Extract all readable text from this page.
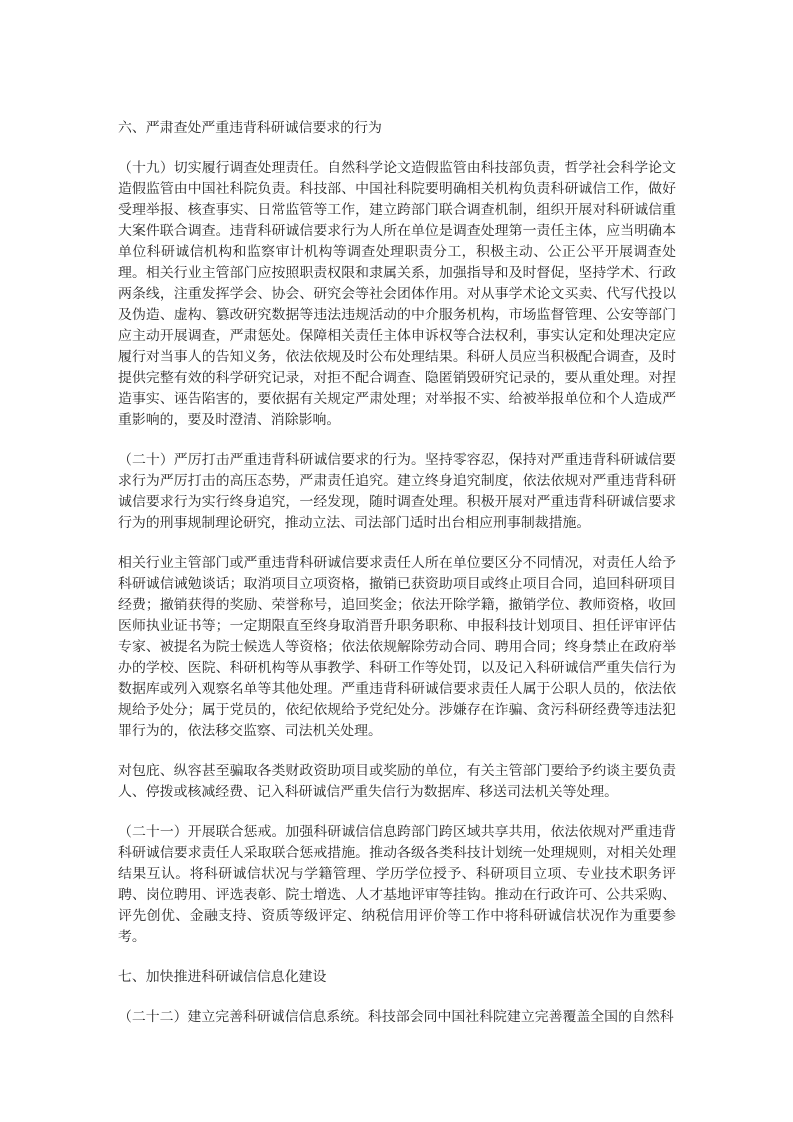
六、严肃查处严重违背科研诚信要求的行为
（十九）切实履行调查处理责任。自然科学论文造假监管由科技部负责，哲学社会科学论文造假监管由中国社科院负责。科技部、中国社科院要明确相关机构负责科研诚信工作，做好受理举报、核查事实、日常监管等工作，建立跨部门联合调查机制，组织开展对科研诚信重大案件联合调查。违背科研诚信要求行为人所在单位是调查处理第一责任主体，应当明确本单位科研诚信机构和监察审计机构等调查处理职责分工，积极主动、公正公平开展调查处理。相关行业主管部门应按照职责权限和隶属关系，加强指导和及时督促，坚持学术、行政两条线，注重发挥学会、协会、研究会等社会团体作用。对从事学术论文买卖、代写代投以及伪造、虚构、篡改研究数据等违法违规活动的中介服务机构，市场监督管理、公安等部门应主动开展调查，严肃惩处。保障相关责任主体申诉权等合法权利，事实认定和处理决定应履行对当事人的告知义务，依法依规及时公布处理结果。科研人员应当积极配合调查，及时提供完整有效的科学研究记录，对拒不配合调查、隐匿销毁研究记录的，要从重处理。对捏造事实、诬告陷害的，要依据有关规定严肃处理；对举报不实、给被举报单位和个人造成严重影响的，要及时澄清、消除影响。
（二十）严厉打击严重违背科研诚信要求的行为。坚持零容忍，保持对严重违背科研诚信要求行为严厉打击的高压态势，严肃责任追究。建立终身追究制度，依法依规对严重违背科研诚信要求行为实行终身追究，一经发现，随时调查处理。积极开展对严重违背科研诚信要求行为的刑事规制理论研究，推动立法、司法部门适时出台相应刑事制裁措施。
相关行业主管部门或严重违背科研诚信要求责任人所在单位要区分不同情况，对责任人给予科研诚信诫勉谈话；取消项目立项资格，撤销已获资助项目或终止项目合同，追回科研项目经费；撤销获得的奖励、荣誉称号，追回奖金；依法开除学籍，撤销学位、教师资格，收回医师执业证书等；一定期限直至终身取消晋升职务职称、申报科技计划项目、担任评审评估专家、被提名为院士候选人等资格；依法依规解除劳动合同、聘用合同；终身禁止在政府举办的学校、医院、科研机构等从事教学、科研工作等处罚，以及记入科研诚信严重失信行为数据库或列入观察名单等其他处理。严重违背科研诚信要求责任人属于公职人员的，依法依规给予处分；属于党员的，依纪依规给予党纪处分。涉嫌存在诈骗、贪污科研经费等违法犯罪行为的，依法移交监察、司法机关处理。
对包庇、纵容甚至骗取各类财政资助项目或奖励的单位，有关主管部门要给予约谈主要负责人、停拨或核减经费、记入科研诚信严重失信行为数据库、移送司法机关等处理。
（二十一）开展联合惩戒。加强科研诚信信息跨部门跨区域共享共用，依法依规对严重违背科研诚信要求责任人采取联合惩戒措施。推动各级各类科技计划统一处理规则，对相关处理结果互认。将科研诚信状况与学籍管理、学历学位授予、科研项目立项、专业技术职务评聘、岗位聘用、评选表彰、院士增选、人才基地评审等挂钩。推动在行政许可、公共采购、评先创优、金融支持、资质等级评定、纳税信用评价等工作中将科研诚信状况作为重要参考。
七、加快推进科研诚信信息化建设
（二十二）建立完善科研诚信信息系统。科技部会同中国社科院建立完善覆盖全国的自然科
